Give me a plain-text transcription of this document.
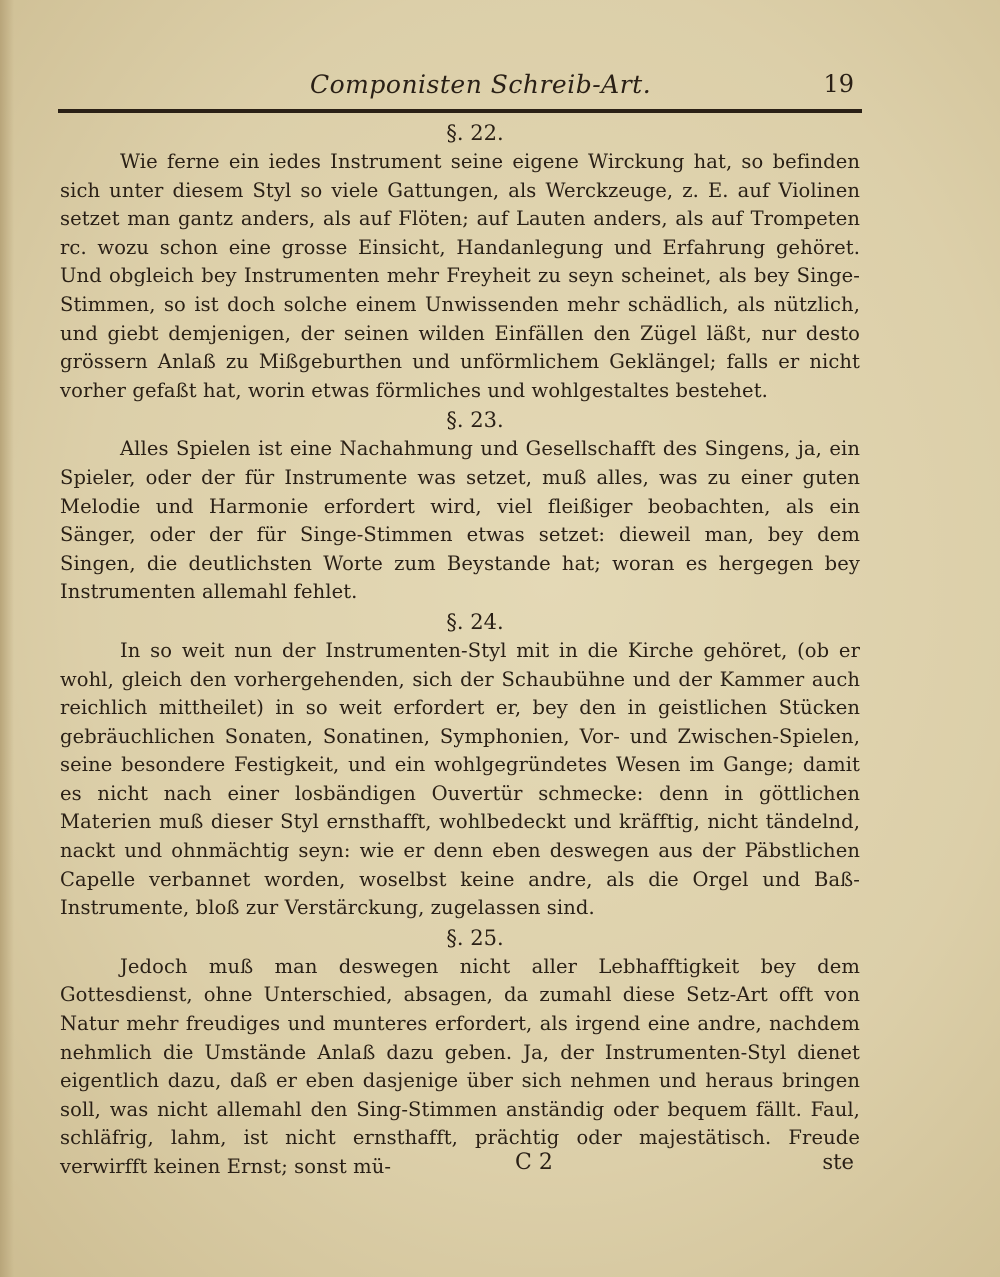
Componisten Schreib-Art.	19
§. 22.

Wie ferne ein iedes Instrument seine eigene Wirckung hat, so befinden sich unter diesem Styl so viele Gattungen, als Werckzeuge, z. E. auf Violinen setzet man gantz anders, als auf Flöten; auf Lauten anders, als auf Trompeten rc. wozu schon eine grosse Einsicht, Handanlegung und Erfahrung gehöret. Und obgleich bey Instrumenten mehr Freyheit zu seyn scheinet, als bey Singe-Stimmen, so ist doch solche einem Unwissenden mehr schädlich, als nützlich, und giebt demjenigen, der seinen wilden Einfällen den Zügel läßt, nur desto grössern Anlaß zu Mißgeburthen und unförmlichem Geklängel; falls er nicht vorher gefaßt hat, worin etwas förmliches und wohlgestaltes bestehet.

§. 23.

Alles Spielen ist eine Nachahmung und Gesellschafft des Singens, ja, ein Spieler, oder der für Instrumente was setzet, muß alles, was zu einer guten Melodie und Harmonie erfordert wird, viel fleißiger beobachten, als ein Sänger, oder der für Singe-Stimmen etwas setzet: dieweil man, bey dem Singen, die deutlichsten Worte zum Beystande hat; woran es hergegen bey Instrumenten allemahl fehlet.

§. 24.

In so weit nun der Instrumenten-Styl mit in die Kirche gehöret, (ob er wohl, gleich den vorhergehenden, sich der Schaubühne und der Kammer auch reichlich mittheilet) in so weit erfordert er, bey den in geistlichen Stücken gebräuchlichen Sonaten, Sonatinen, Symphonien, Vor- und Zwischen-Spielen, seine besondere Festigkeit, und ein wohlgegründetes Wesen im Gange; damit es nicht nach einer losbändigen Ouvertür schmecke: denn in göttlichen Materien muß dieser Styl ernsthafft, wohlbedeckt und kräfftig, nicht tändelnd, nackt und ohnmächtig seyn: wie er denn eben deswegen aus der Päbstlichen Capelle verbannet worden, woselbst keine andre, als die Orgel und Baß-Instrumente, bloß zur Verstärckung, zugelassen sind.

§. 25.

Jedoch muß man deswegen nicht aller Lebhafftigkeit bey dem Gottesdienst, ohne Unterschied, absagen, da zumahl diese Setz-Art offt von Natur mehr freudiges und munteres erfordert, als irgend eine andre, nachdem nehmlich die Umstände Anlaß dazu geben. Ja, der Instrumenten-Styl dienet eigentlich dazu, daß er eben dasjenige über sich nehmen und heraus bringen soll, was nicht allemahl den Sing-Stimmen anständig oder bequem fällt. Faul, schläfrig, lahm, ist nicht ernsthafft, prächtig oder majestätisch. Freude verwirfft keinen Ernst; sonst mü-	C 2	ste
